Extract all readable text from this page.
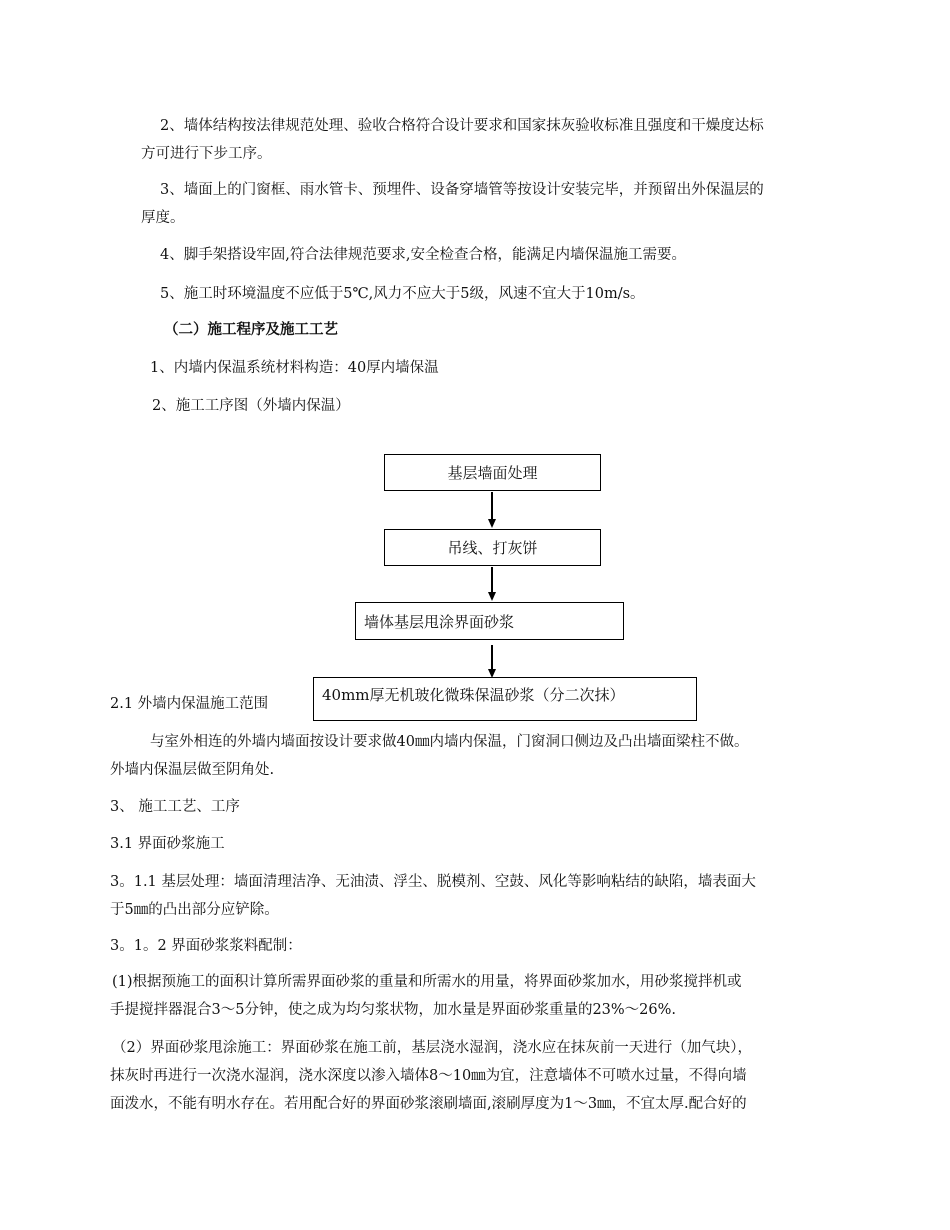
2、墙体结构按法律规范处理、验收合格符合设计要求和国家抹灰验收标准且强度和干燥度达标
方可进行下步工序。
3、墙面上的门窗框、雨水管卡、预埋件、设备穿墙管等按设计安装完毕，并预留出外保温层的
厚度。
4、脚手架搭设牢固,符合法律规范要求,安全检查合格，能满足内墙保温施工需要。
5、施工时环境温度不应低于5℃,风力不应大于5级，风速不宜大于10m/s。
（二）施工程序及施工工艺
1、内墙内保温系统材料构造：40厚内墙保温
2、施工工序图（外墙内保温）
基层墙面处理
吊线、打灰饼
墙体基层甩涂界面砂浆
40mm厚无机玻化微珠保温砂浆（分二次抹）
2.1 外墙内保温施工范围
与室外相连的外墙内墙面按设计要求做40㎜内墙内保温，门窗洞口侧边及凸出墙面梁柱不做。
外墙内保温层做至阴角处.
3、 施工工艺、工序
3.1 界面砂浆施工
3。1.1 基层处理：墙面清理洁净、无油渍、浮尘、脱模剂、空鼓、风化等影响粘结的缺陷，墙表面大
于5㎜的凸出部分应铲除。
3。1。2 界面砂浆浆料配制：
(1)根据预施工的面积计算所需界面砂浆的重量和所需水的用量，将界面砂浆加水，用砂浆搅拌机或
手提搅拌器混合3～5分钟，使之成为均匀浆状物，加水量是界面砂浆重量的23%～26%.
（2）界面砂浆甩涂施工：界面砂浆在施工前，基层浇水湿润，浇水应在抹灰前一天进行（加气块），
抹灰时再进行一次浇水湿润，浇水深度以渗入墙体8～10㎜为宜，注意墙体不可喷水过量，不得向墙
面泼水，不能有明水存在。若用配合好的界面砂浆滚刷墙面,滚刷厚度为1～3㎜，不宜太厚.配合好的
